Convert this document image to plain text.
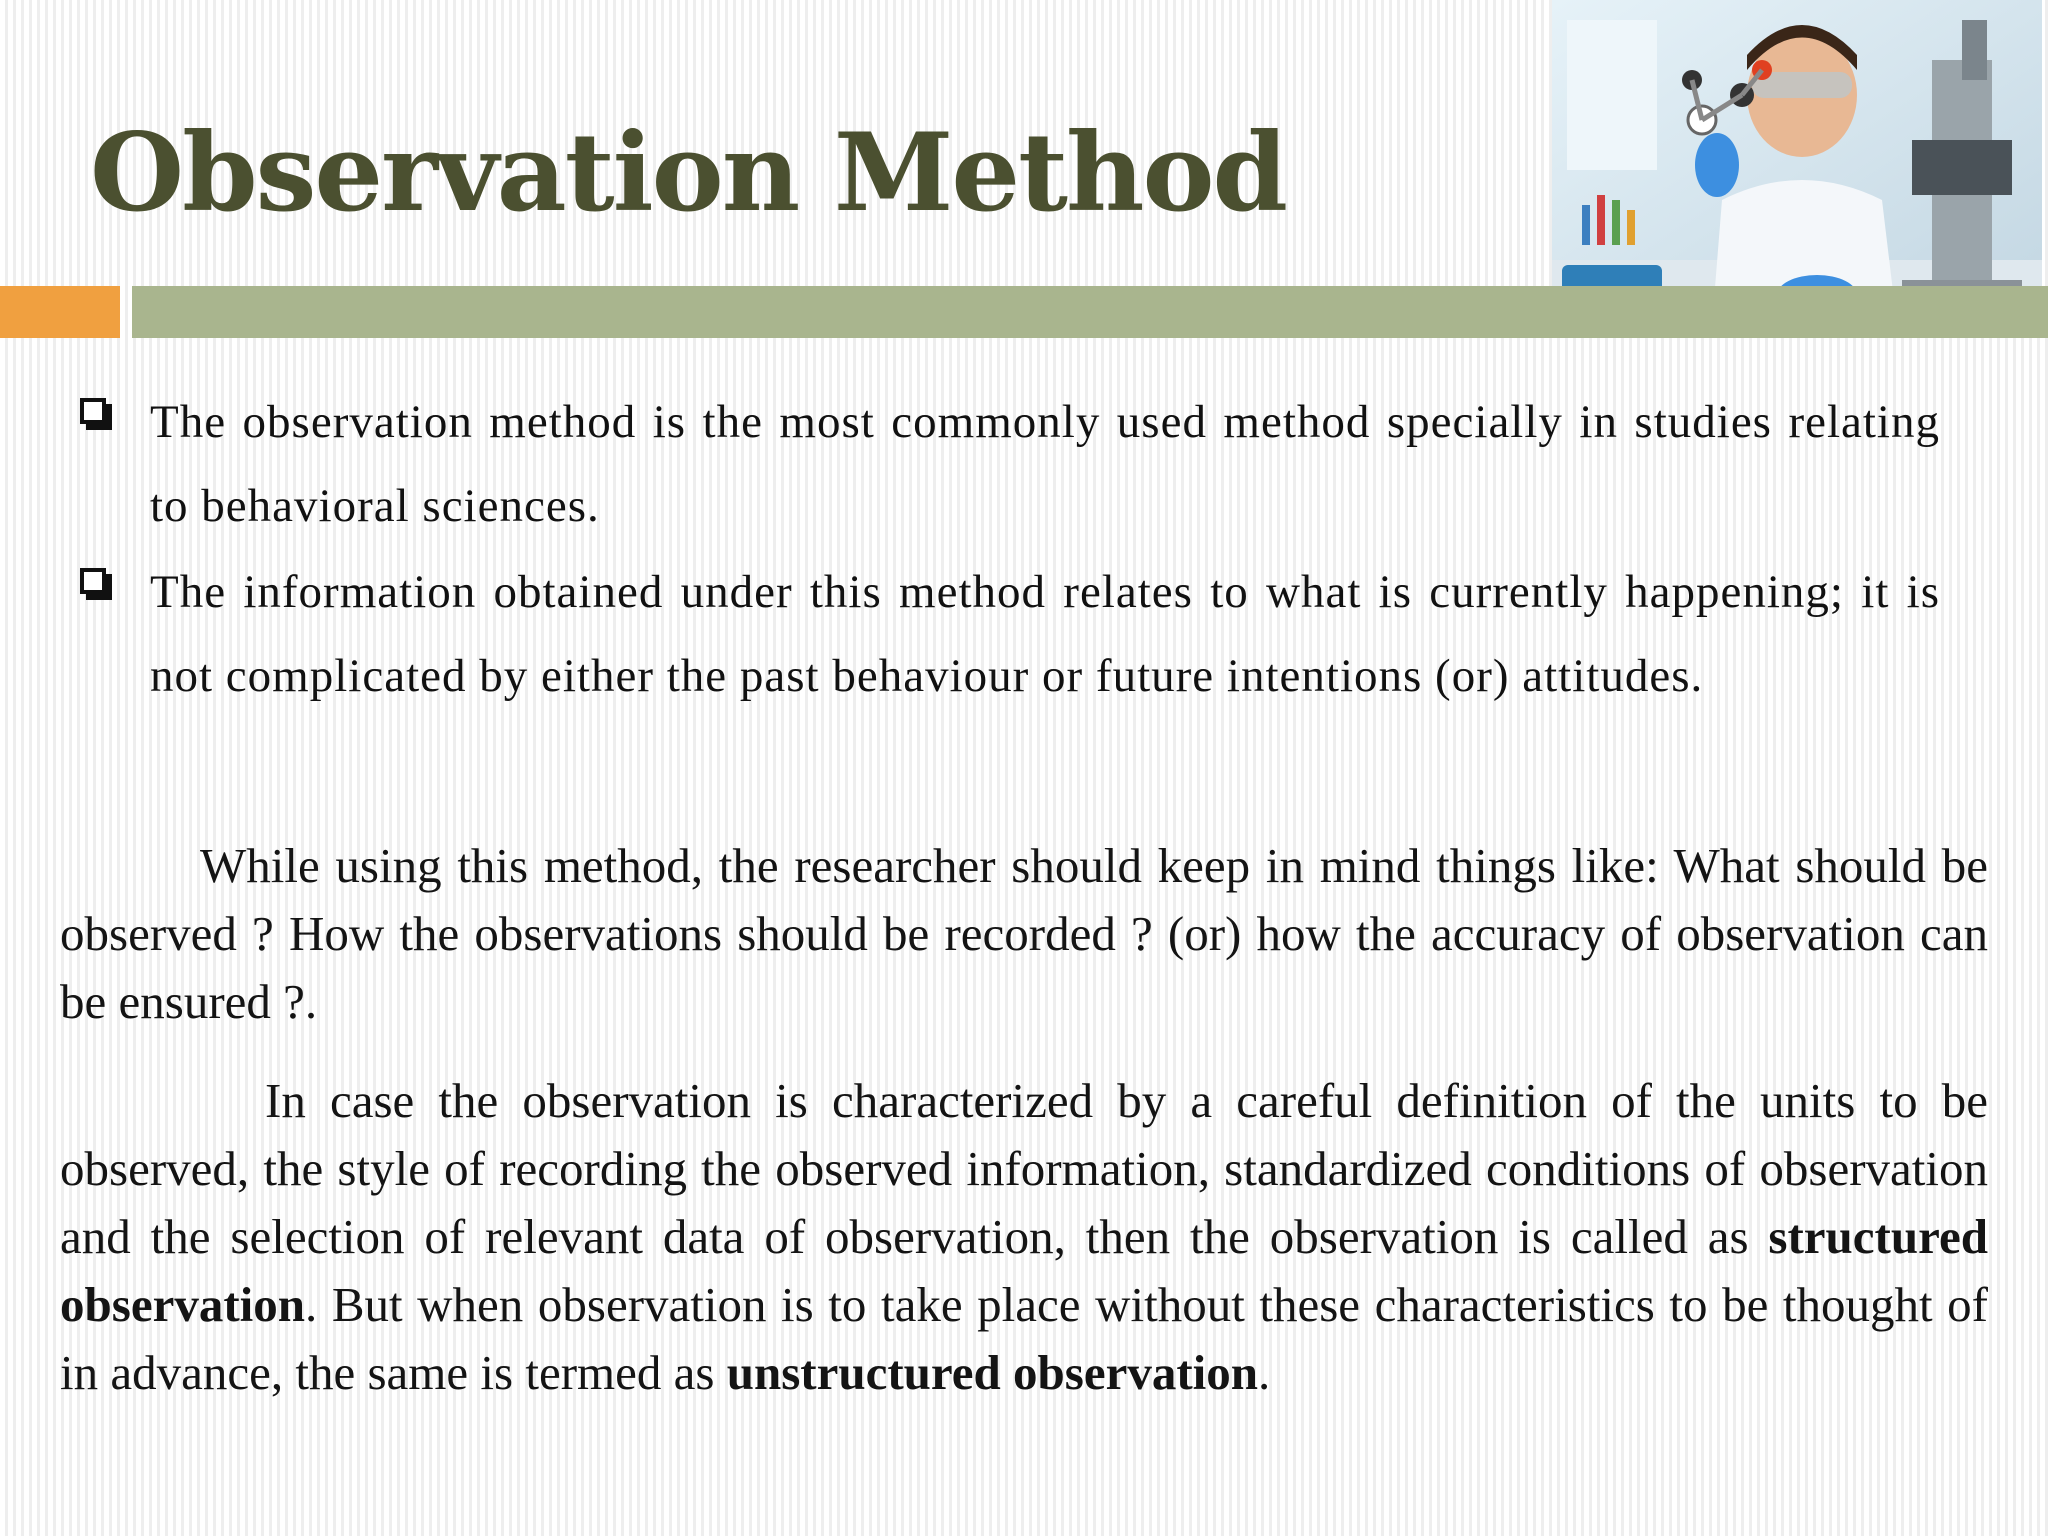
Observation Method
The observation method is the most commonly used method specially in studies relating to behavioral sciences.
The information obtained under this method relates to what is currently happening; it is not complicated by either the past behaviour or future intentions (or) attitudes.
While using this method, the researcher should keep in mind things like: What should be observed ? How the observations should be recorded ? (or) how the accuracy of observation can be ensured ?.
In case the observation is characterized by a careful definition of the units to be observed, the style of recording the observed information, standardized conditions of observation and the selection of relevant data of observation, then the observation is called as structured observation. But when observation is to take place without these characteristics to be thought of in advance, the same is termed as unstructured observation.
